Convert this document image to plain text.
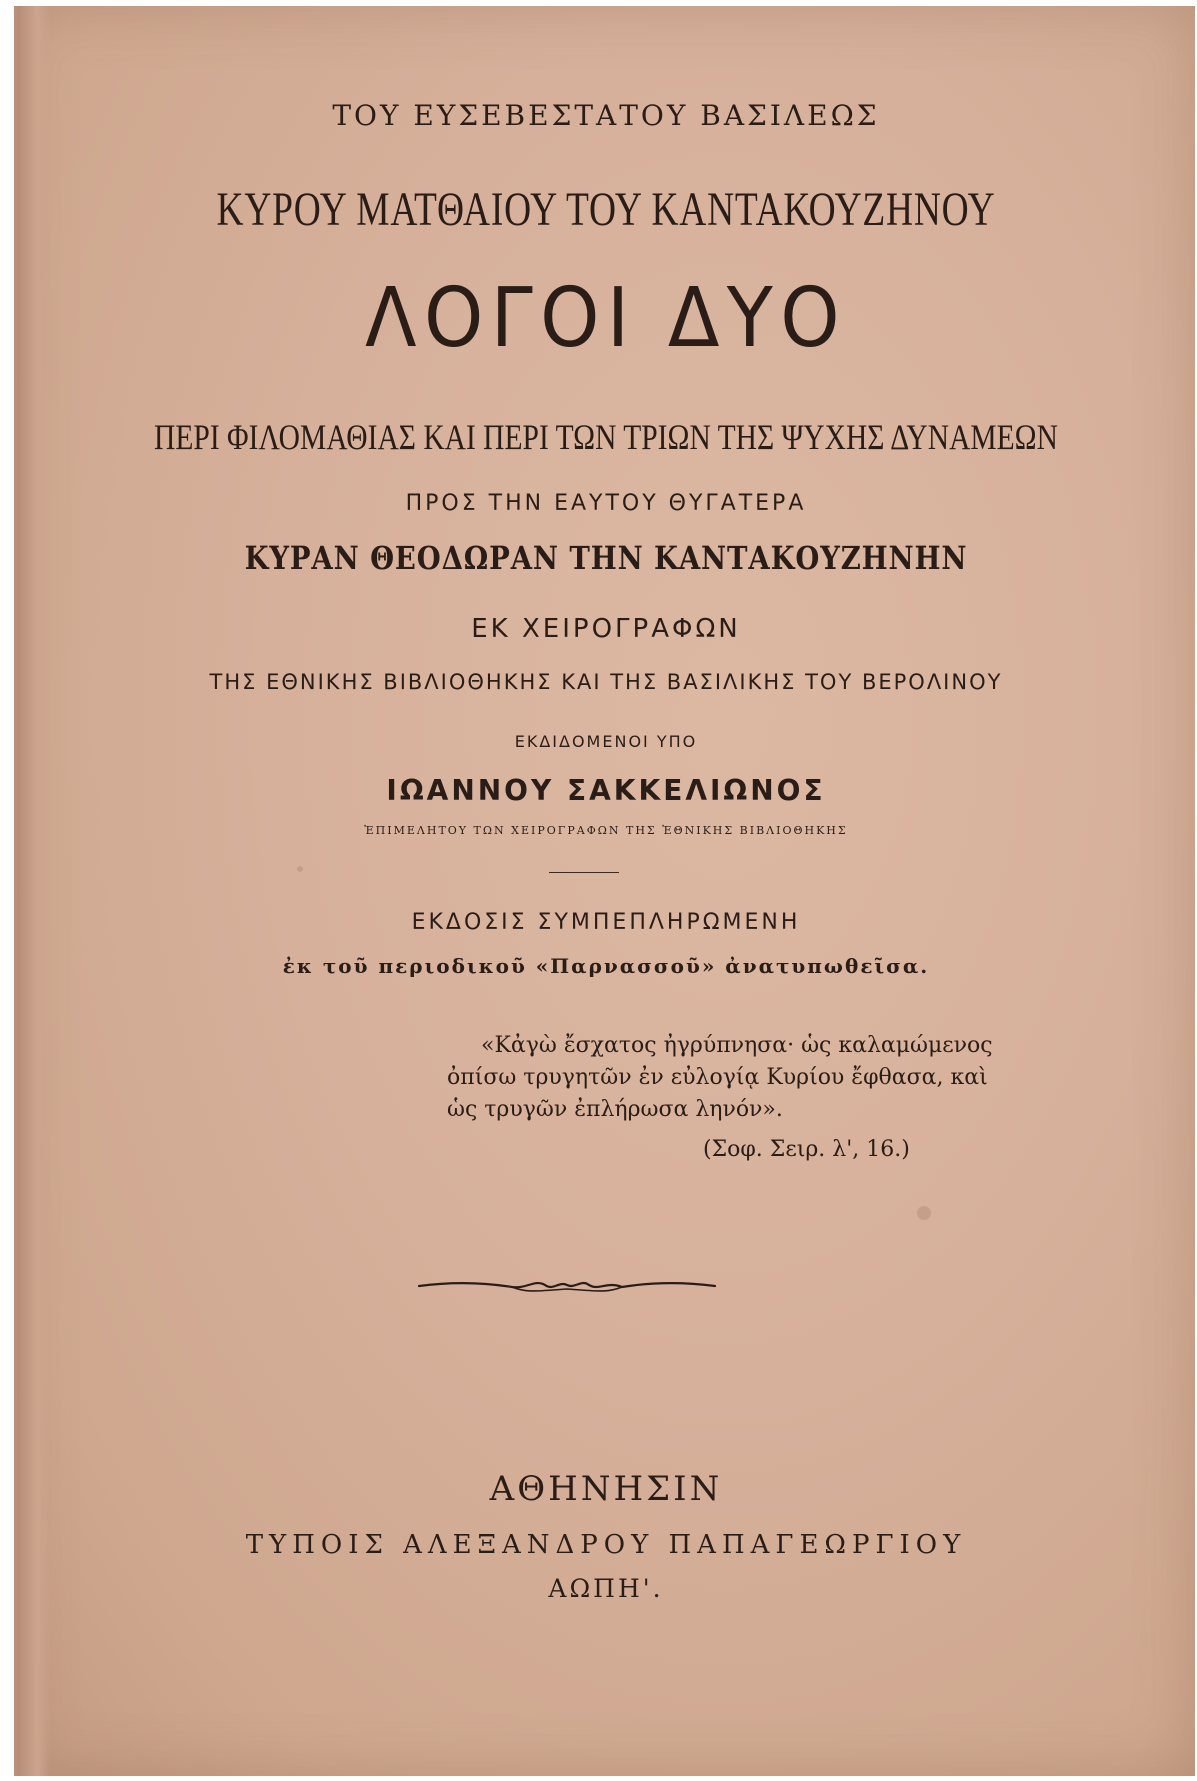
ΤΟΥ ΕΥΣΕΒΕΣΤΑΤΟΥ ΒΑΣΙΛΕΩΣ
ΚΥΡΟΥ ΜΑΤΘΑΙΟΥ ΤΟΥ ΚΑΝΤΑΚΟΥΖΗΝΟΥ
ΛΟΓΟΙ ΔΥΟ
ΠΕΡΙ ΦΙΛΟΜΑΘΙΑΣ ΚΑΙ ΠΕΡΙ ΤΩΝ ΤΡΙΩΝ ΤΗΣ ΨΥΧΗΣ ΔΥΝΑΜΕΩΝ
ΠΡΟΣ ΤΗΝ ΕΑΥΤΟΥ ΘΥΓΑΤΕΡΑ
ΚΥΡΑΝ ΘΕΟΔΩΡΑΝ ΤΗΝ ΚΑΝΤΑΚΟΥΖΗΝΗΝ
ΕΚ ΧΕΙΡΟΓΡΑΦΩΝ
ΤΗΣ ΕΘΝΙΚΗΣ ΒΙΒΛΙΟΘΗΚΗΣ ΚΑΙ ΤΗΣ ΒΑΣΙΛΙΚΗΣ ΤΟΥ ΒΕΡΟΛΙΝΟΥ
ΕΚΔΙΔΟΜΕΝΟΙ ΥΠΟ
ΙΩΑΝΝΟΥ ΣΑΚΚΕΛΙΩΝΟΣ
ἘΠΙΜΕΛΗΤΟΥ ΤΩΝ ΧΕΙΡΟΓΡΑΦΩΝ ΤΗΣ ἘΘΝΙΚΗΣ ΒΙΒΛΙΟΘΗΚΗΣ
ΕΚΔΟΣΙΣ ΣΥΜΠΕΠΛΗΡΩΜΕΝΗ
ἐκ τοῦ περιοδικοῦ «Παρνασσοῦ» ἀνατυπωθεῖσα.
«Κἀγὼ ἔσχατος ἠγρύπνησα· ὡς καλαμώμενος
ὀπίσω τρυγητῶν ἐν εὐλογίᾳ Κυρίου ἔφθασα, καὶ
ὡς τρυγῶν ἐπλήρωσα ληνόν».
(Σοφ. Σειρ. λ', 16.)
ΑΘΗΝΗΣΙΝ
ΤΥΠΟΙΣ ΑΛΕΞΑΝΔΡΟΥ ΠΑΠΑΓΕΩΡΓΙΟΥ
ΑΩΠΗ'.
